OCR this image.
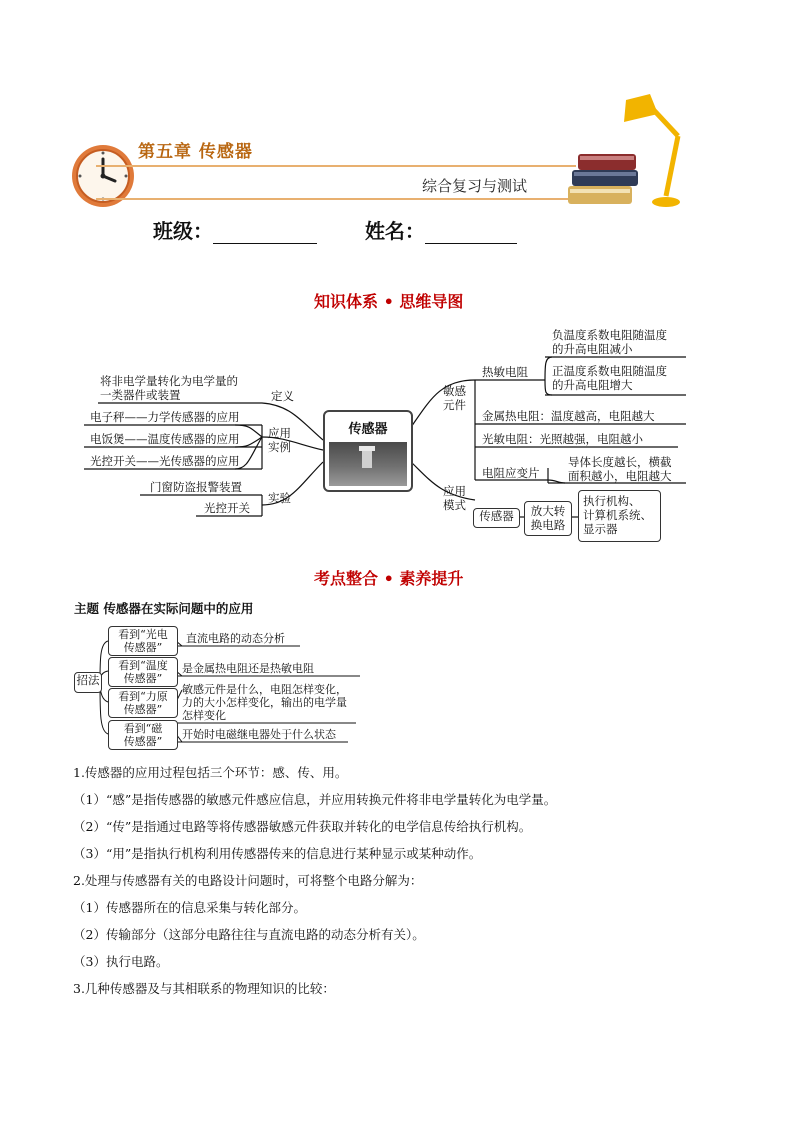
第五章 传感器
综合复习与测试
班级：	姓名：
知识体系 • 思维导图
传感器
将非电学量转化为电学量的
一类器件或装置	定义
电子秤——力学传感器的应用
电饭煲——温度传感器的应用
光控开关——光传感器的应用
应用
实例
门窗防盗报警装置
光控开关
实验
敏感
元件
热敏电阻
负温度系数电阻随温度
的升高电阻减小
正温度系数电阻随温度
的升高电阻增大
金属热电阻：温度越高，电阻越大
光敏电阻：光照越强，电阻越小
电阻应变片
导体长度越长，横截
面积越小，电阻越大
应用
模式
传感器	放大转
换电路
执行机构、
计算机系统、
显示器
考点整合 • 素养提升
主题 传感器在实际问题中的应用
招法
看到“光电
传感器”
看到“温度
传感器”
看到“力原
传感器”
看到“磁
传感器”
直流电路的动态分析
是金属热电阻还是热敏电阻
敏感元件是什么，电阻怎样变化，
力的大小怎样变化，输出的电学量
怎样变化
开始时电磁继电器处于什么状态
1.传感器的应用过程包括三个环节：感、传、用。
（1）“感”是指传感器的敏感元件感应信息，并应用转换元件将非电学量转化为电学量。
（2）“传”是指通过电路等将传感器敏感元件获取并转化的电学信息传给执行机构。
（3）“用”是指执行机构利用传感器传来的信息进行某种显示或某种动作。
2.处理与传感器有关的电路设计问题时，可将整个电路分解为：
（1）传感器所在的信息采集与转化部分。
（2）传输部分（这部分电路往往与直流电路的动态分析有关）。
（3）执行电路。
3.几种传感器及与其相联系的物理知识的比较：
